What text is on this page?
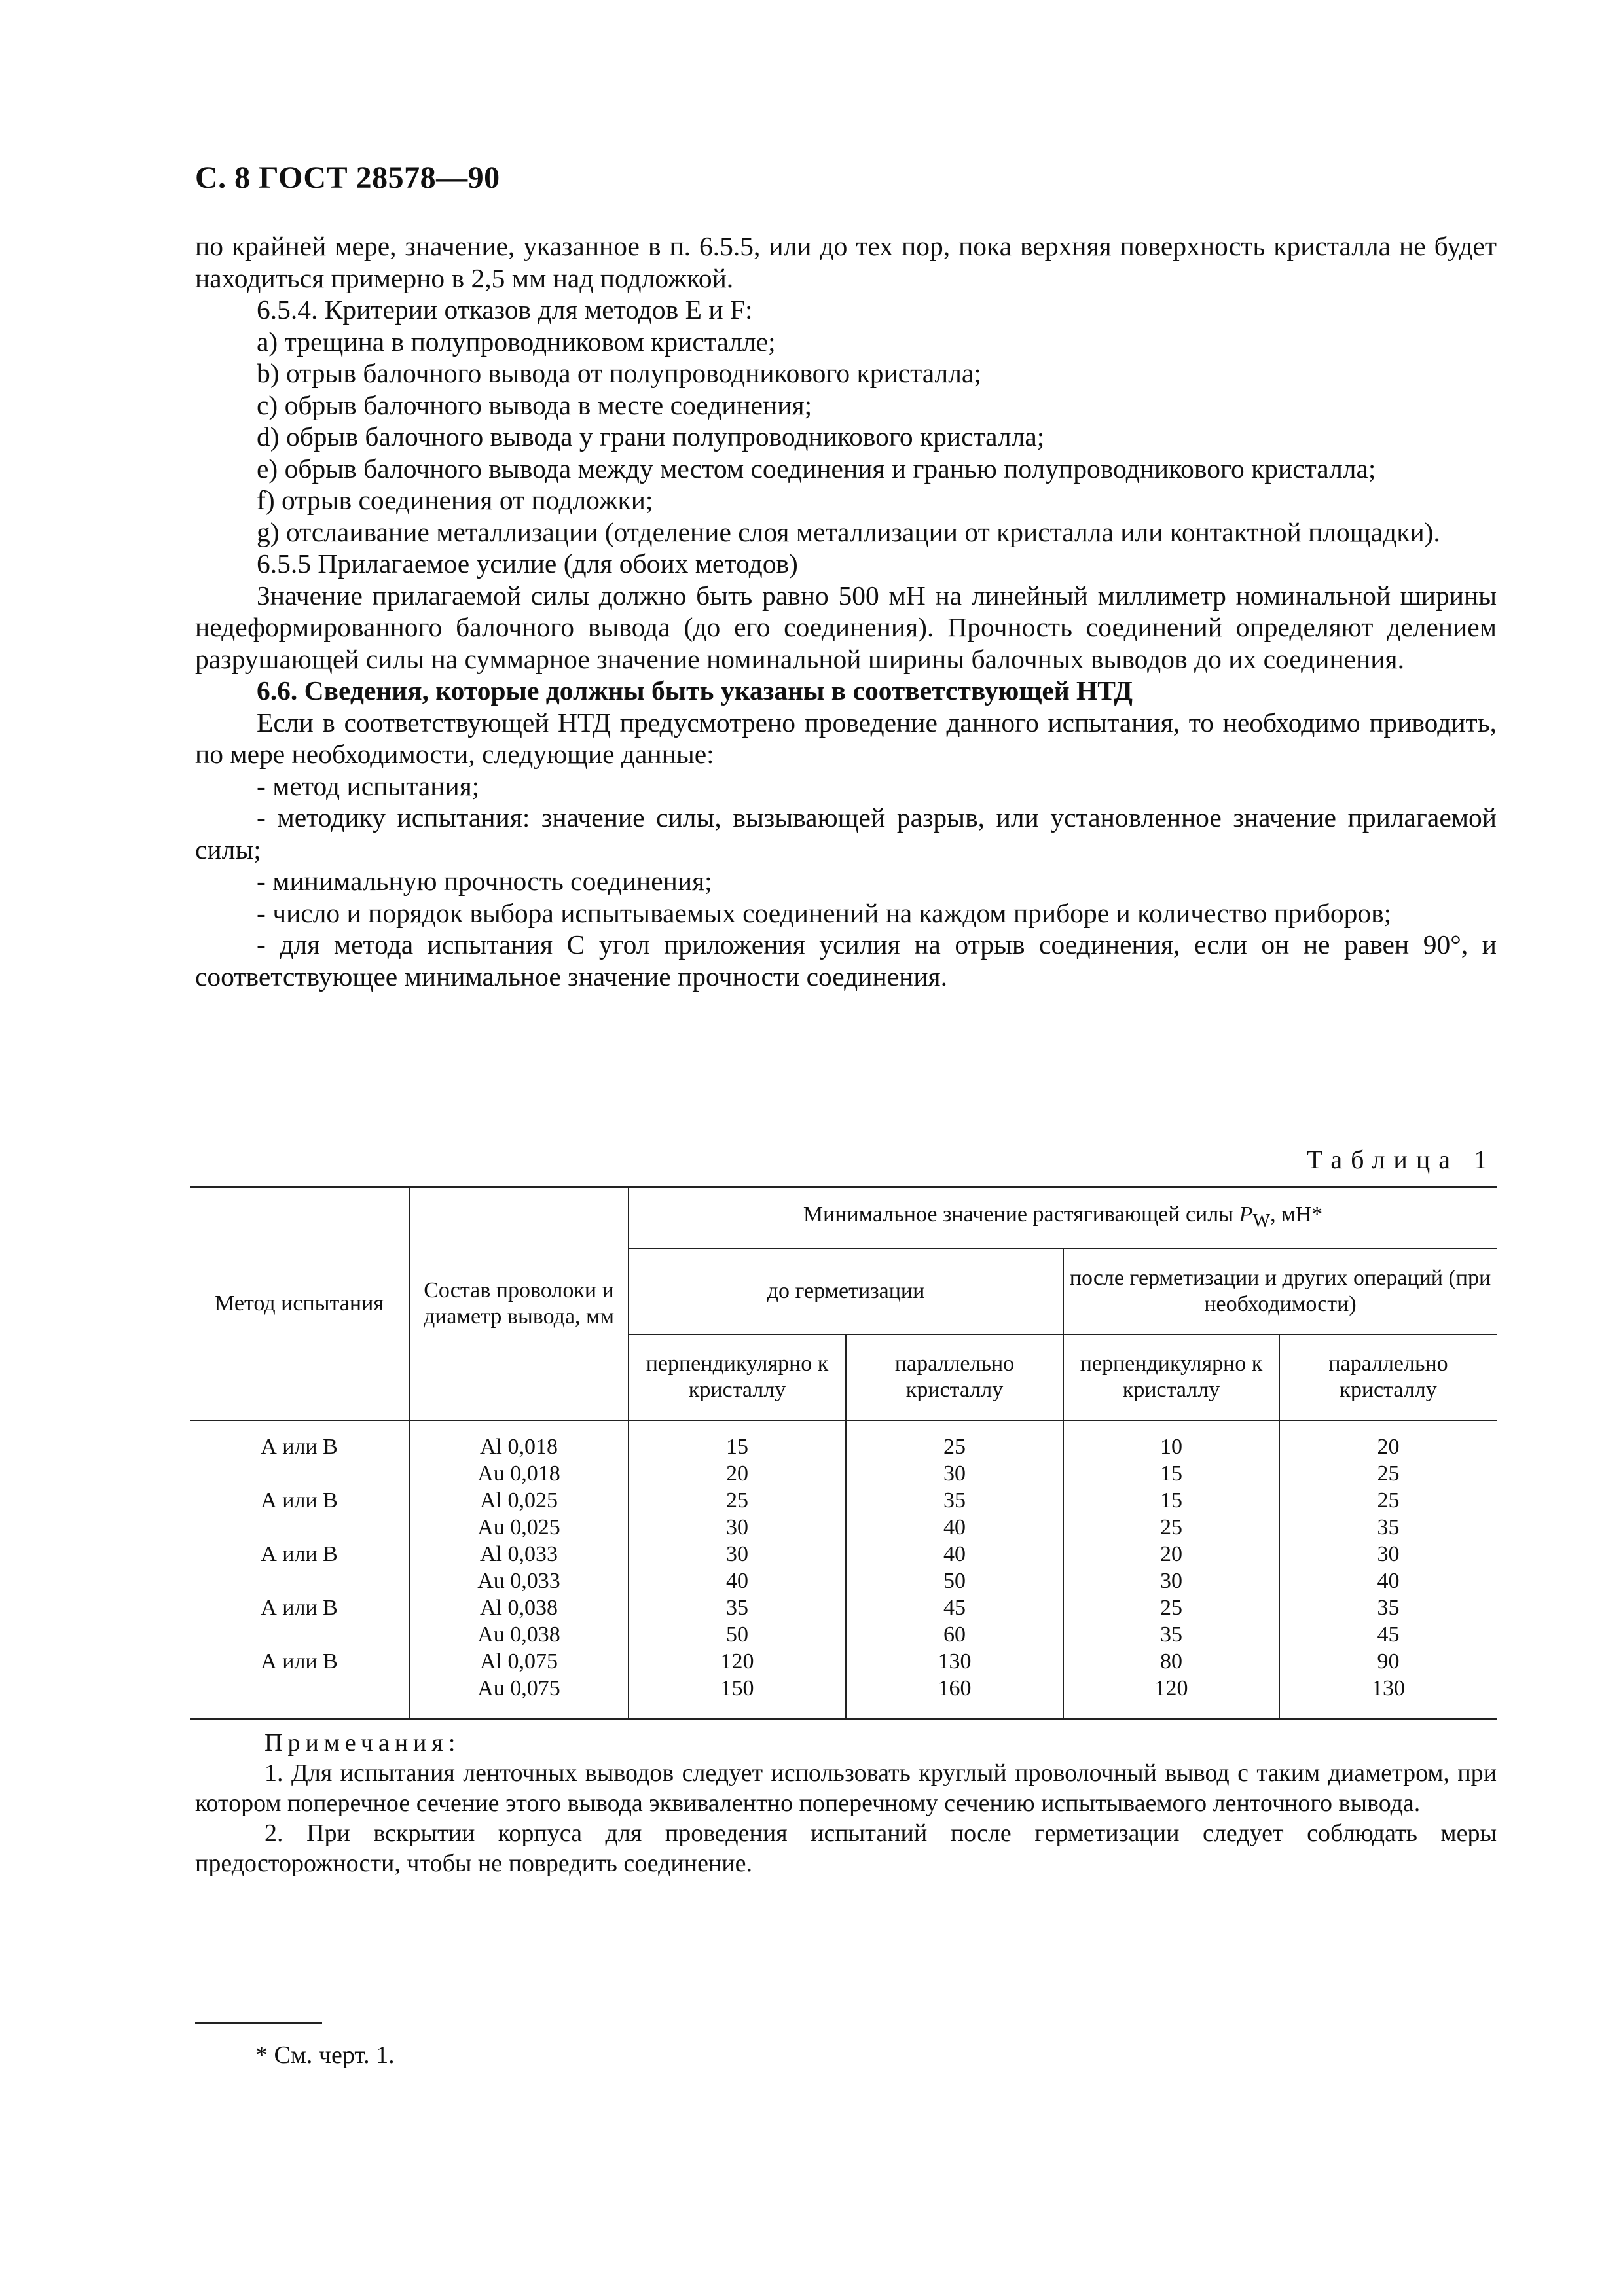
С. 8 ГОСТ 28578—90

по крайней мере, значение, указанное в п. 6.5.5, или до тех пор, пока верхняя поверхность кристалла не будет находиться примерно в 2,5 мм над подложкой.

6.5.4. Критерии отказов для методов E и F:

a) трещина в полупроводниковом кристалле;

b) отрыв балочного вывода от полупроводникового кристалла;

c) обрыв балочного вывода в месте соединения;

d) обрыв балочного вывода у грани полупроводникового кристалла;

e) обрыв балочного вывода между местом соединения и гранью полупроводникового кристалла;

f) отрыв соединения от подложки;

g) отслаивание металлизации (отделение слоя металлизации от кристалла или контактной площадки).

6.5.5 Прилагаемое усилие (для обоих методов)

Значение прилагаемой силы должно быть равно 500 мН на линейный миллиметр номинальной ширины недеформированного балочного вывода (до его соединения). Прочность соединений определяют делением разрушающей силы на суммарное значение номинальной ширины балочных выводов до их соединения.

6.6. Сведения, которые должны быть указаны в соответствующей НТД

Если в соответствующей НТД предусмотрено проведение данного испытания, то необходимо приводить, по мере необходимости, следующие данные:

- метод испытания;

- методику испытания: значение силы, вызывающей разрыв, или установленное значение прилагаемой силы;

- минимальную прочность соединения;

- число и порядок выбора испытываемых соединений на каждом приборе и количество приборов;

- для метода испытания С угол приложения усилия на отрыв соединения, если он не равен 90°, и соответствующее минимальное значение прочности соединения.

Таблица 1
Метод испытания	Состав проволоки и диаметр вывода, мм	Минимальное значение растягивающей силы $P_W$, мН*			
		до герметизации		после герметизации и других операций (при необходимости)	
		перпендикулярно к кристаллу	параллельно кристаллу	перпендикулярно к кристаллу	параллельно кристаллу
А или В	Al 0,018	15	25	10	20
	Au 0,018	20	30	15	25
А или В	Al 0,025	25	35	15	25
	Au 0,025	30	40	25	35
А или В	Al 0,033	30	40	20	30
	Au 0,033	40	50	30	40
А или В	Al 0,038	35	45	25	35
	Au 0,038	50	60	35	45
А или В	Al 0,075	120	130	80	90
	Au 0,075	150	160	120	130

Примечания:

1. Для испытания ленточных выводов следует использовать круглый проволочный вывод с таким диаметром, при котором поперечное сечение этого вывода эквивалентно поперечному сечению испытываемого ленточного вывода.

2. При вскрытии корпуса для проведения испытаний после герметизации следует соблюдать меры предосторожности, чтобы не повредить соединение.

* См. черт. 1.
